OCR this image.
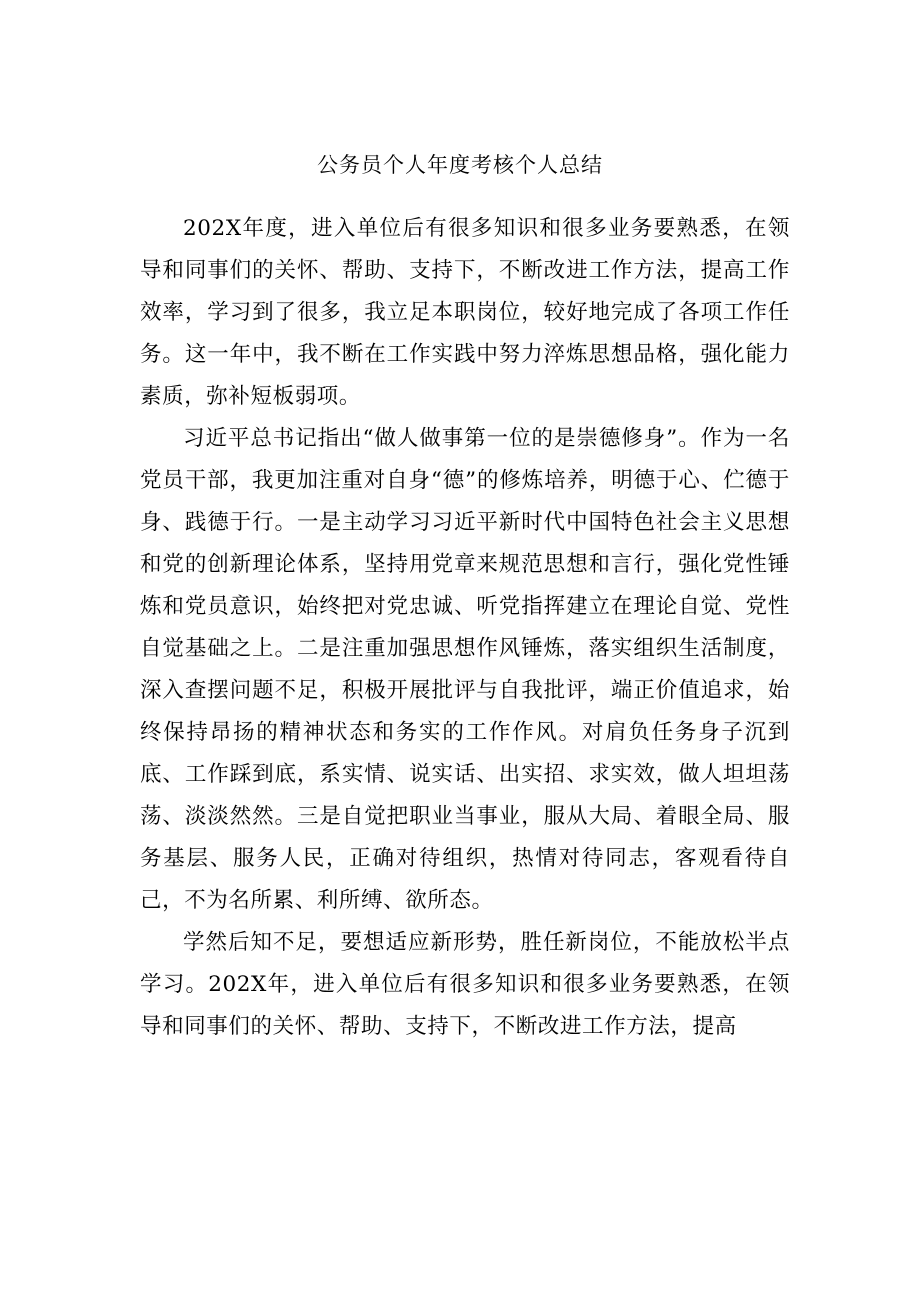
公务员个人年度考核个人总结

202X年度，进入单位后有很多知识和很多业务要熟悉，在领导和同事们的关怀、帮助、支持下，不断改进工作方法，提高工作效率，学习到了很多，我立足本职岗位，较好地完成了各项工作任务。这一年中，我不断在工作实践中努力淬炼思想品格，强化能力素质，弥补短板弱项。

习近平总书记指出“做人做事第一位的是崇德修身”。作为一名党员干部，我更加注重对自身“德”的修炼培养，明德于心、伫德于身、践德于行。一是主动学习习近平新时代中国特色社会主义思想和党的创新理论体系，坚持用党章来规范思想和言行，强化党性锤炼和党员意识，始终把对党忠诚、听党指挥建立在理论自觉、党性自觉基础之上。二是注重加强思想作风锤炼，落实组织生活制度，深入查摆问题不足，积极开展批评与自我批评，端正价值追求，始终保持昂扬的精神状态和务实的工作作风。对肩负任务身子沉到底、工作踩到底，系实情、说实话、出实招、求实效，做人坦坦荡荡、淡淡然然。三是自觉把职业当事业，服从大局、着眼全局、服务基层、服务人民，正确对待组织，热情对待同志，客观看待自己，不为名所累、利所缚、欲所态。

学然后知不足，要想适应新形势，胜任新岗位，不能放松半点学习。202X年，进入单位后有很多知识和很多业务要熟悉，在领导和同事们的关怀、帮助、支持下，不断改进工作方法，提高
